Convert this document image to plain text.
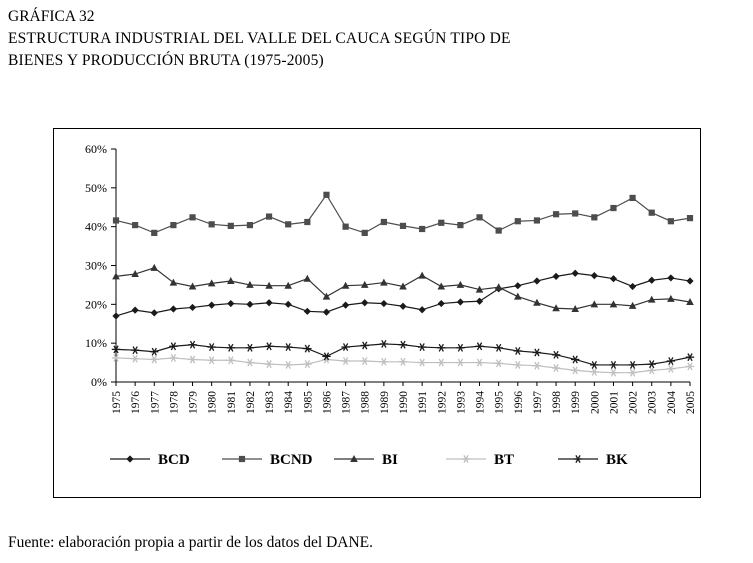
GRÁFICA 32
ESTRUCTURA INDUSTRIAL DEL VALLE DEL CAUCA SEGÚN TIPO DE
BIENES Y PRODUCCIÓN BRUTA (1975-2005)
0%
10%
20%
30%
40%
50%
60%
1975 1976 1977 1978 1979 1980 1981 1982 1983 1984 1985 1986 1987 1988 1989 1990 1991 1992 1993 1994 1995 1996 1997 1998 1999 2000 2001 2002 2003 2004 2005
BCD	BCND	BI	BT	BK
Fuente: elaboración propia a partir de los datos del DANE.
